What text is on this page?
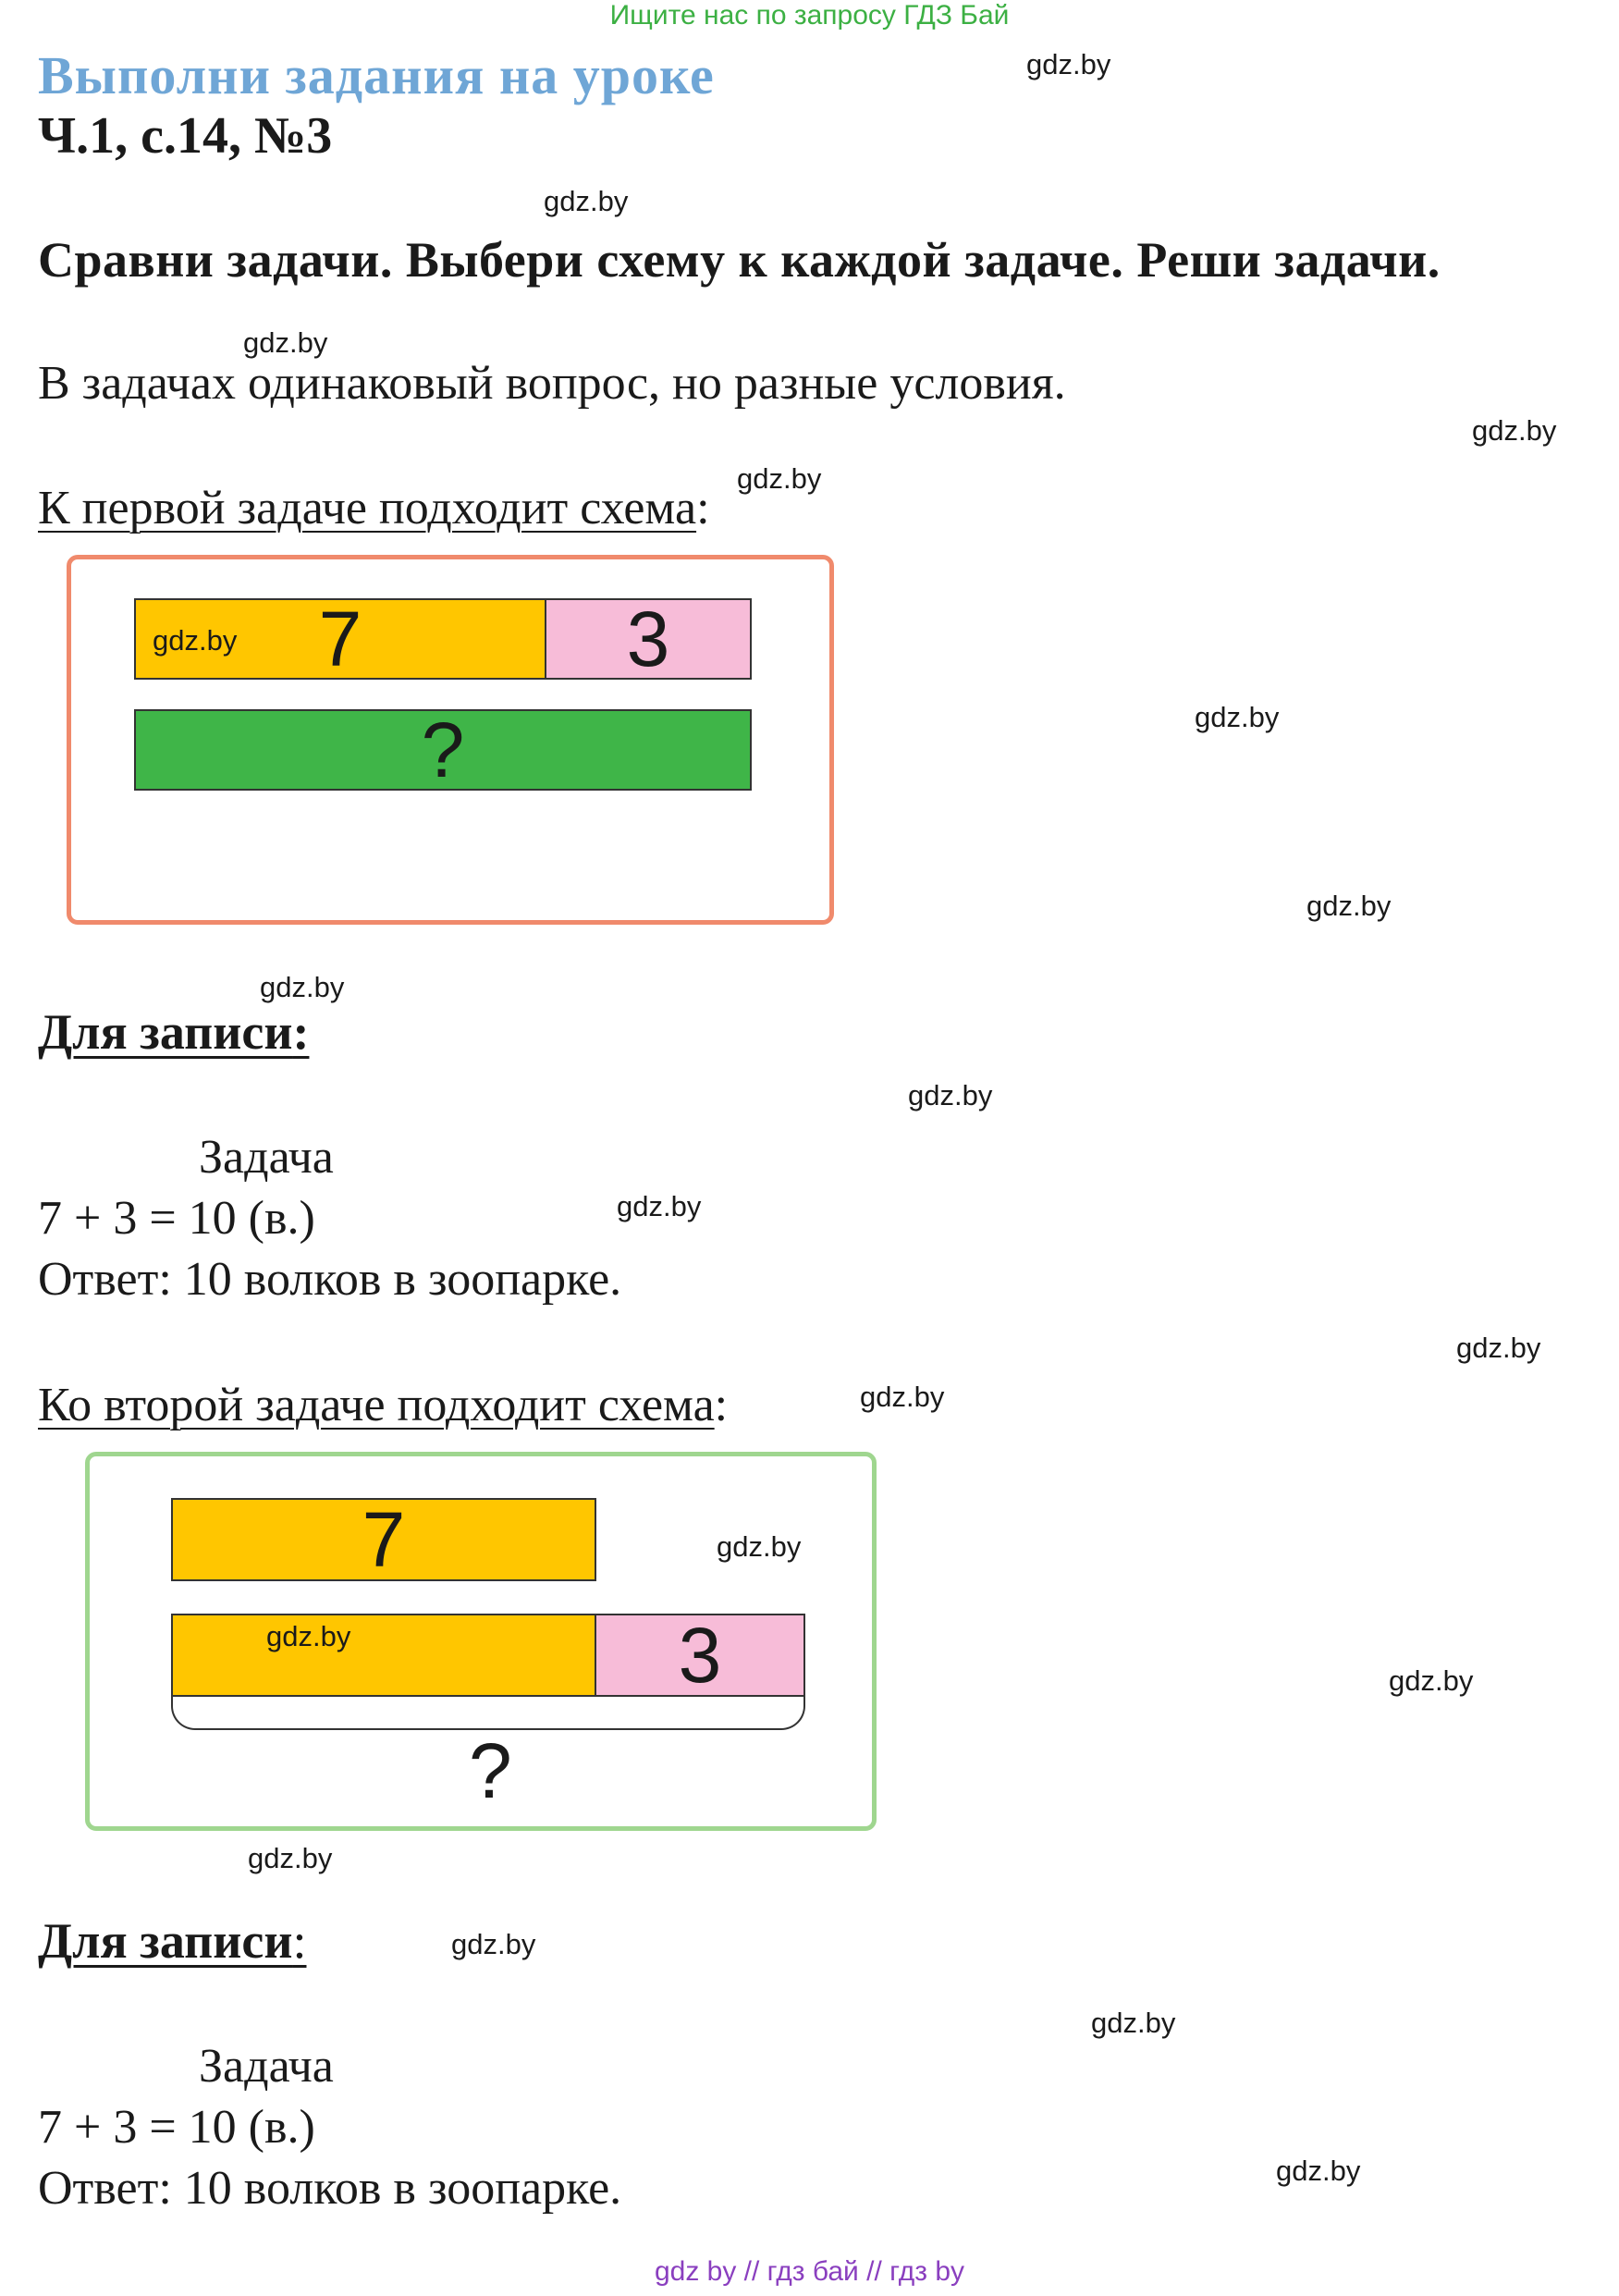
Ищите нас по запросу ГДЗ Бай
Выполни задания на уроке
Ч.1, с.14, №3
Сравни задачи. Выбери схему к каждой задаче. Реши задачи.
В задачах одинаковый вопрос, но разные условия.
К первой задаче подходит схема:
7	3
?
Для записи:
Задача
7 + 3 = 10 (в.)
Ответ: 10 волков в зоопарке.
Ко второй задаче подходит схема:
7
3
?
Для записи:
Задача
7 + 3 = 10 (в.)
Ответ: 10 волков в зоопарке.
gdz.by
gdz.by
gdz.by
gdz.by
gdz.by
gdz.by
gdz.by
gdz.by
gdz.by
gdz.by
gdz.by
gdz.by
gdz.by
gdz.by
gdz.by
gdz.by
gdz.by
gdz.by
gdz.by
gdz.by
gdz by // гдз бай // гдз by
